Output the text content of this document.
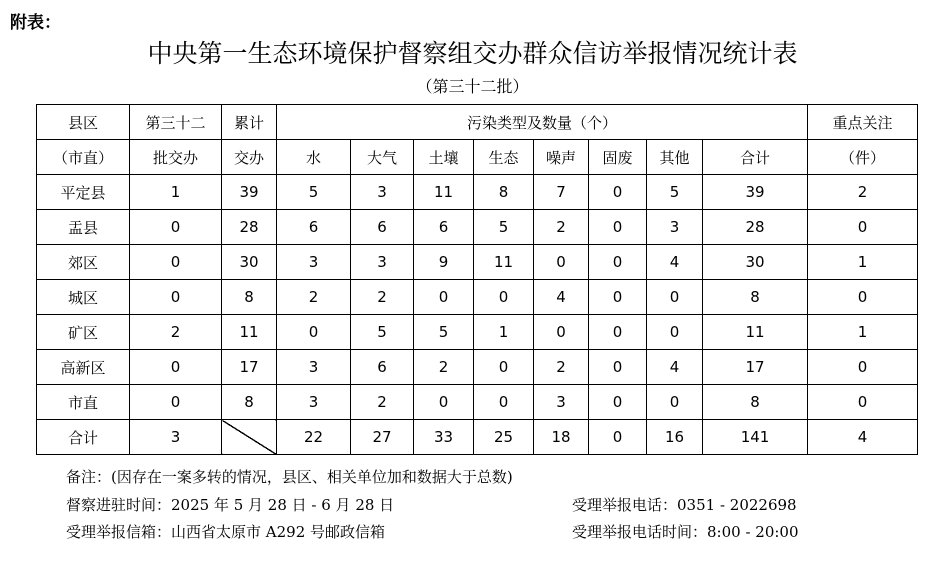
附表：
中央第一生态环境保护督察组交办群众信访举报情况统计表
（第三十二批）
县区	第三十二	累计	污染类型及数量（个）								重点关注
（市直）	批交办	交办	水	大气	土壤	生态	噪声	固废	其他	合计	（件）
平定县	1	39	5	3	11	8	7	0	5	39	2
盂县	0	28	6	6	6	5	2	0	3	28	0
郊区	0	30	3	3	9	11	0	0	4	30	1
城区	0	8	2	2	0	0	4	0	0	8	0
矿区	2	11	0	5	5	1	0	0	0	11	1
高新区	0	17	3	6	2	0	2	0	4	17	0
市直	0	8	3	2	0	0	3	0	0	8	0
合计	3		22	27	33	25	18	0	16	141	4
备注：(因存在一案多转的情况，县区、相关单位加和数据大于总数)
督察进驻时间：2025 年 5 月 28 日 - 6 月 28 日	受理举报电话：0351 - 2022698
受理举报信箱：山西省太原市 A292 号邮政信箱	受理举报电话时间：8:00 - 20:00
